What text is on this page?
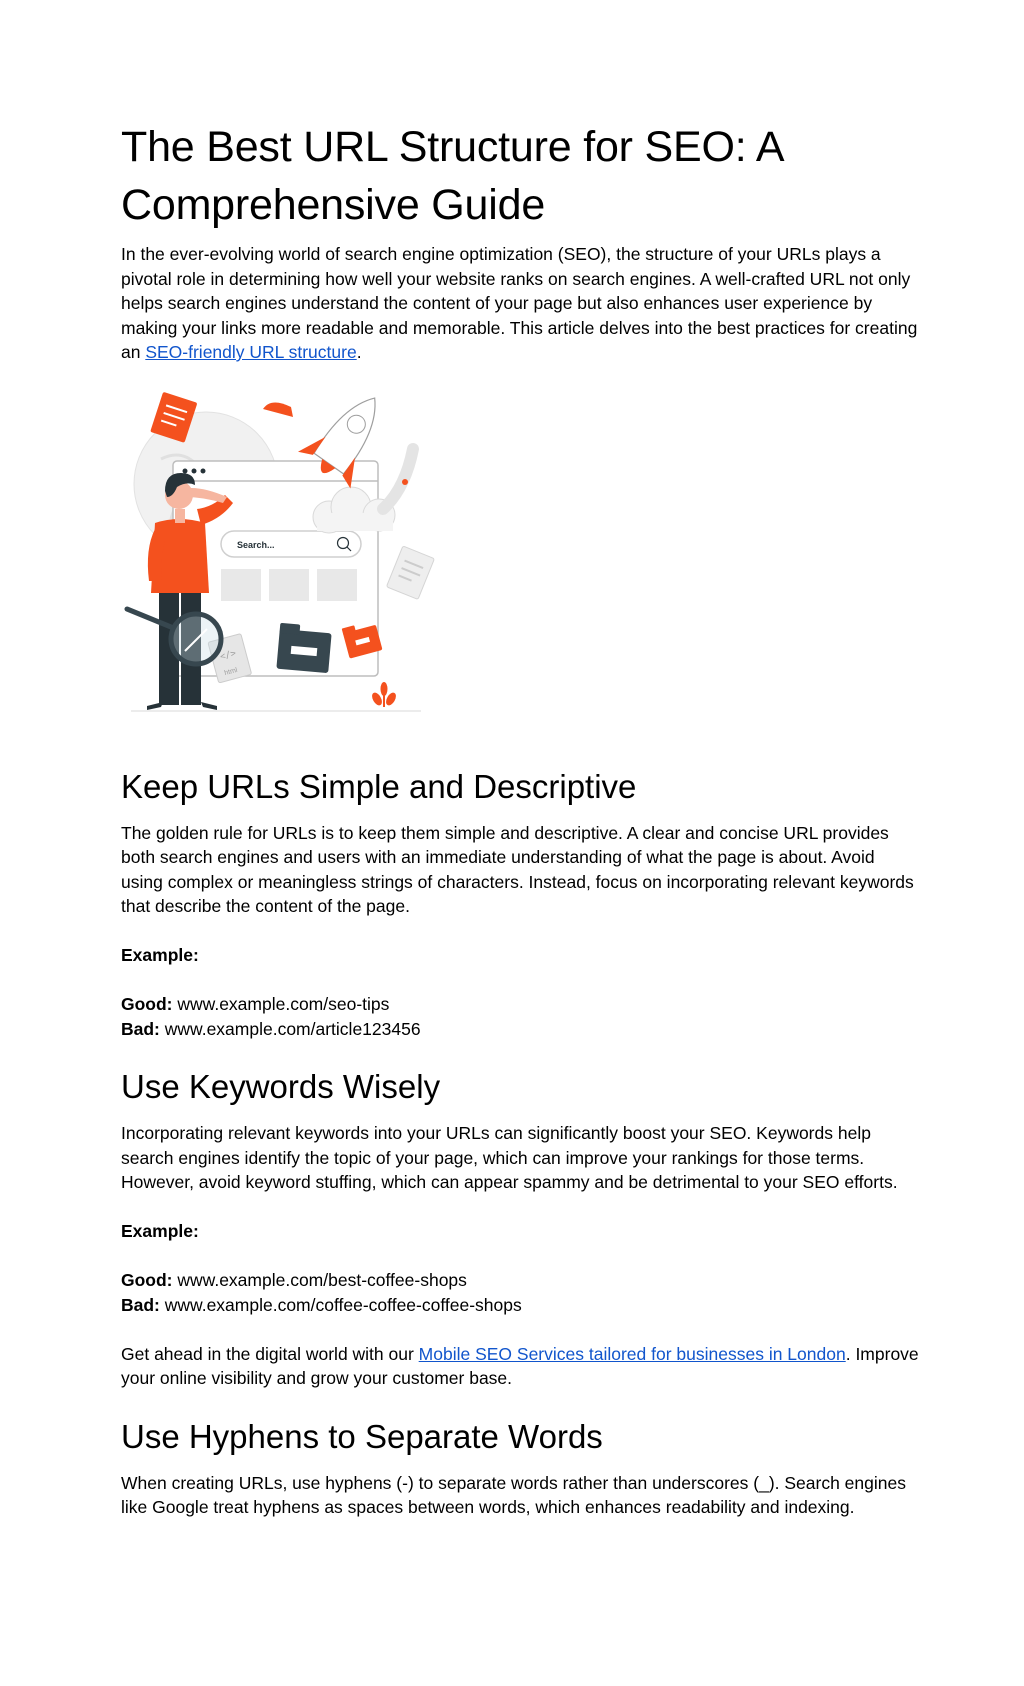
The Best URL Structure for SEO: A Comprehensive Guide

In the ever-evolving world of search engine optimization (SEO), the structure of your URLs plays a pivotal role in determining how well your website ranks on search engines. A well-crafted URL not only helps search engines understand the content of your page but also enhances user experience by making your links more readable and memorable. This article delves into the best practices for creating an SEO-friendly URL structure.

Search...
</>
html
Keep URLs Simple and Descriptive

The golden rule for URLs is to keep them simple and descriptive. A clear and concise URL provides both search engines and users with an immediate understanding of what the page is about. Avoid using complex or meaningless strings of characters. Instead, focus on incorporating relevant keywords that describe the content of the page.

Example:

Good: www.example.com/seo-tips

Bad: www.example.com/article123456

Use Keywords Wisely

Incorporating relevant keywords into your URLs can significantly boost your SEO. Keywords help search engines identify the topic of your page, which can improve your rankings for those terms. However, avoid keyword stuffing, which can appear spammy and be detrimental to your SEO efforts.

Example:

Good: www.example.com/best-coffee-shops

Bad: www.example.com/coffee-coffee-coffee-shops

Get ahead in the digital world with our Mobile SEO Services tailored for businesses in London. Improve your online visibility and grow your customer base.

Use Hyphens to Separate Words

When creating URLs, use hyphens (-) to separate words rather than underscores (_). Search engines like Google treat hyphens as spaces between words, which enhances readability and indexing.
